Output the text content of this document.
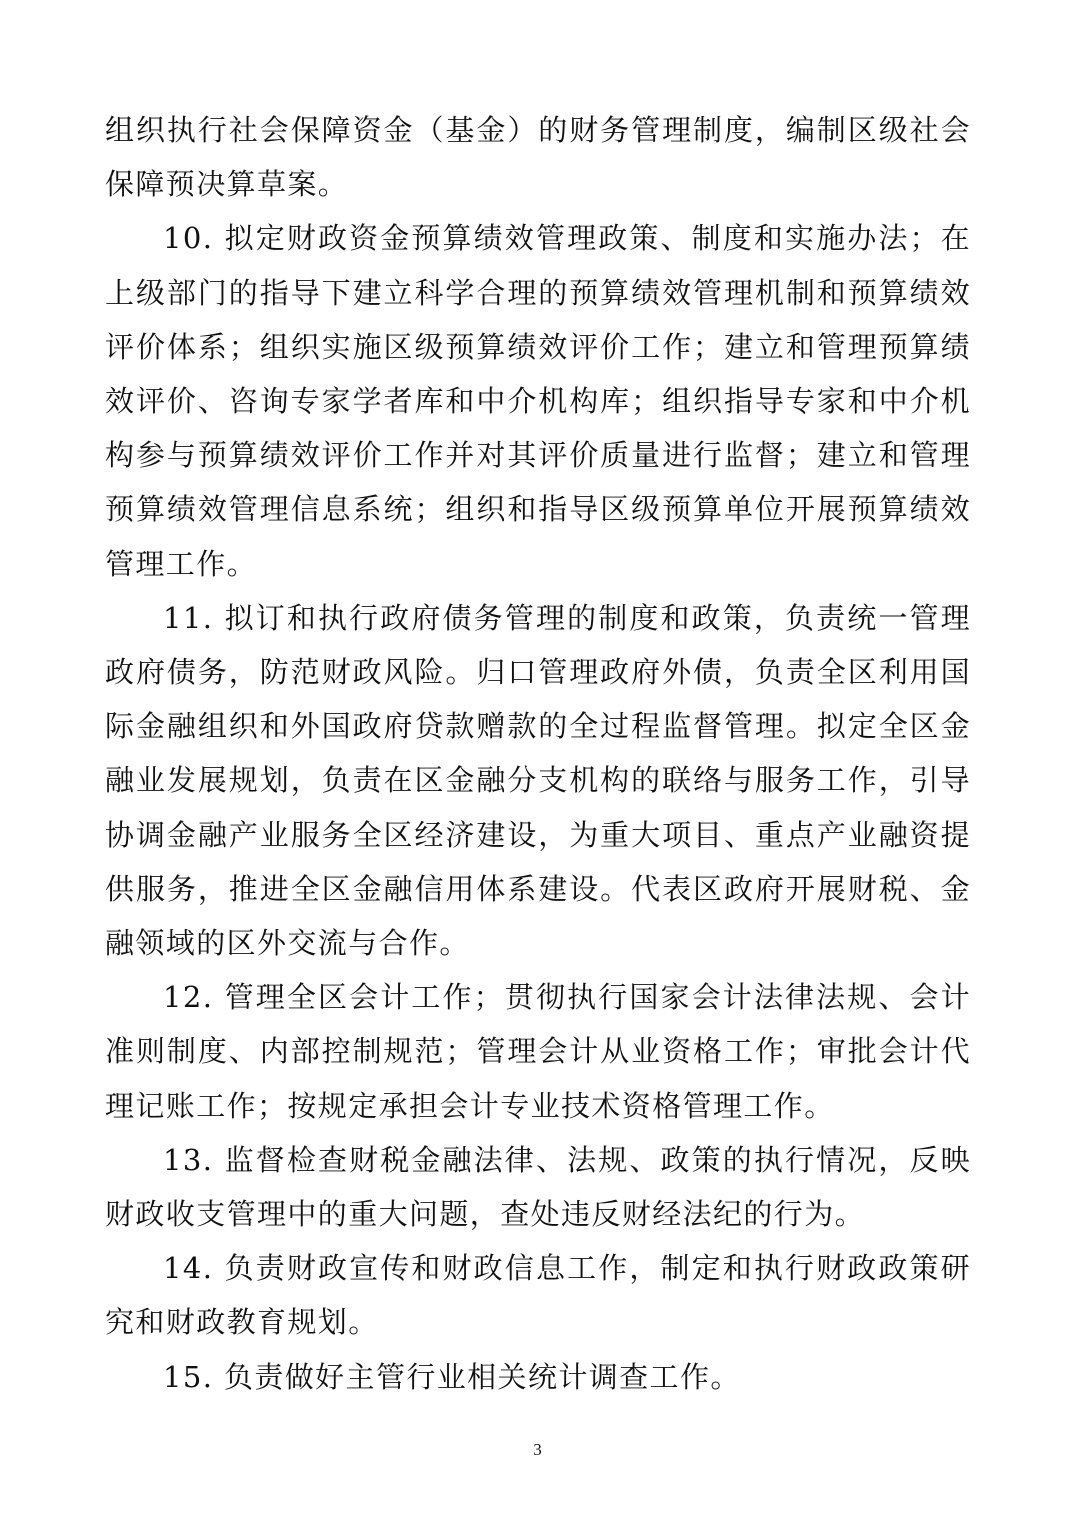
组织执行社会保障资金（基金）的财务管理制度，编制区级社会保障预决算草案。

10. 拟定财政资金预算绩效管理政策、制度和实施办法；在上级部门的指导下建立科学合理的预算绩效管理机制和预算绩效评价体系；组织实施区级预算绩效评价工作；建立和管理预算绩效评价、咨询专家学者库和中介机构库；组织指导专家和中介机构参与预算绩效评价工作并对其评价质量进行监督；建立和管理预算绩效管理信息系统；组织和指导区级预算单位开展预算绩效管理工作。

11. 拟订和执行政府债务管理的制度和政策，负责统一管理政府债务，防范财政风险。归口管理政府外债，负责全区利用国际金融组织和外国政府贷款赠款的全过程监督管理。拟定全区金融业发展规划，负责在区金融分支机构的联络与服务工作，引导协调金融产业服务全区经济建设，为重大项目、重点产业融资提供服务，推进全区金融信用体系建设。代表区政府开展财税、金融领域的区外交流与合作。

12. 管理全区会计工作；贯彻执行国家会计法律法规、会计准则制度、内部控制规范；管理会计从业资格工作；审批会计代理记账工作；按规定承担会计专业技术资格管理工作。

13. 监督检查财税金融法律、法规、政策的执行情况，反映财政收支管理中的重大问题，查处违反财经法纪的行为。

14. 负责财政宣传和财政信息工作，制定和执行财政政策研究和财政教育规划。

15. 负责做好主管行业相关统计调查工作。

3
